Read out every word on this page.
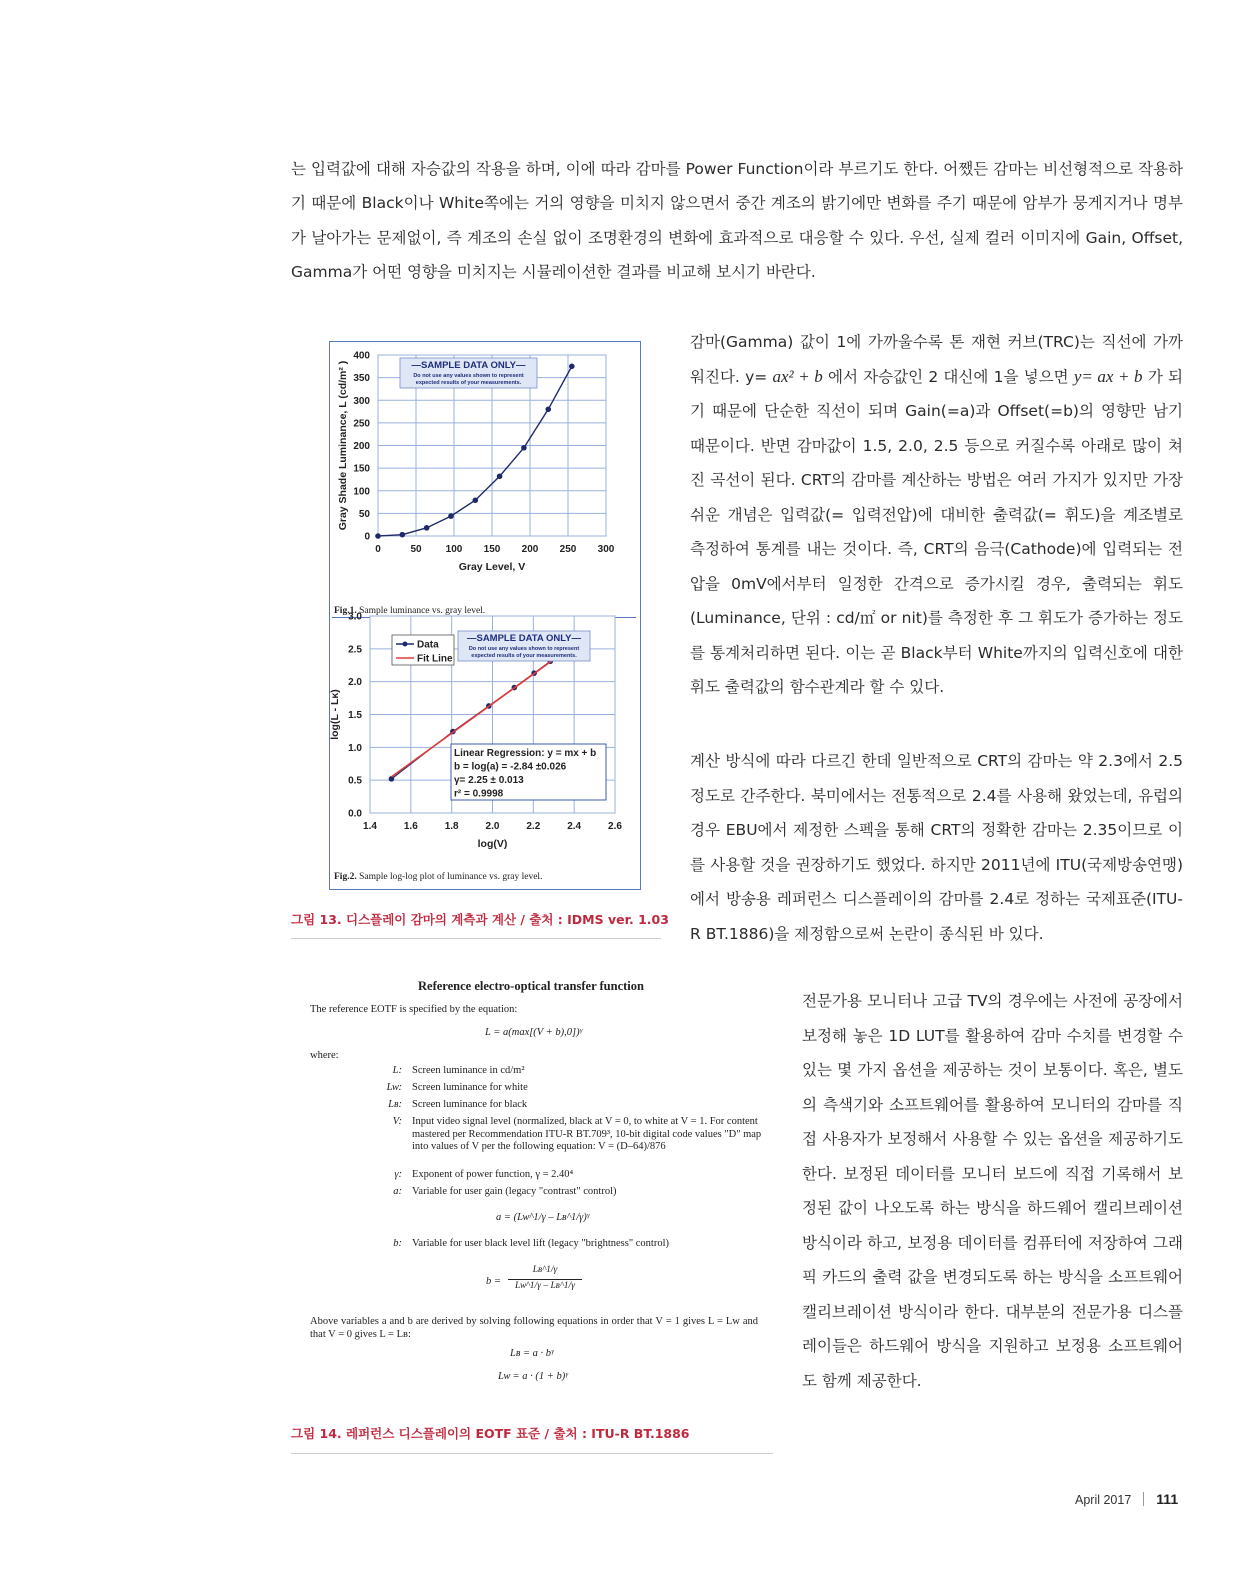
는 입력값에 대해 자승값의 작용을 하며, 이에 따라 감마를 Power Function이라 부르기도 한다. 어쨌든 감마는 비선형적으로 작용하기 때문에 Black이나 White쪽에는 거의 영향을 미치지 않으면서 중간 계조의 밝기에만 변화를 주기 때문에 암부가 뭉게지거나 명부가 날아가는 문제없이, 즉 계조의 손실 없이 조명환경의 변화에 효과적으로 대응할 수 있다. 우선, 실제 컬러 이미지에 Gain, Offset, Gamma가 어떤 영향을 미치지는 시뮬레이션한 결과를 비교해 보시기 바란다.

감마(Gamma) 값이 1에 가까울수록 톤 재현 커브(TRC)는 직선에 가까워진다. y= ax² + b 에서 자승값인 2 대신에 1을 넣으면 y= ax + b 가 되기 때문에 단순한 직선이 되며 Gain(=a)과 Offset(=b)의 영향만 남기 때문이다. 반면 감마값이 1.5, 2.0, 2.5 등으로 커질수록 아래로 많이 쳐진 곡선이 된다. CRT의 감마를 계산하는 방법은 여러 가지가 있지만 가장 쉬운 개념은 입력값(= 입력전압)에 대비한 출력값(= 휘도)을 계조별로 측정하여 통계를 내는 것이다. 즉, CRT의 음극(Cathode)에 입력되는 전압을 0mV에서부터 일정한 간격으로 증가시킬 경우, 출력되는 휘도(Luminance, 단위 : cd/㎡ or nit)를 측정한 후 그 휘도가 증가하는 정도를 통계처리하면 된다. 이는 곧 Black부터 White까지의 입력신호에 대한 휘도 출력값의 함수관계라 할 수 있다.

계산 방식에 따라 다르긴 한데 일반적으로 CRT의 감마는 약 2.3에서 2.5 정도로 간주한다. 북미에서는 전통적으로 2.4를 사용해 왔었는데, 유럽의 경우 EBU에서 제정한 스펙을 통해 CRT의 정확한 감마는 2.35이므로 이를 사용할 것을 권장하기도 했었다. 하지만 2011년에 ITU(국제방송연맹)에서 방송용 레퍼런스 디스플레이의 감마를 2.4로 정하는 국제표준(ITU-R BT.1886)을 제정함으로써 논란이 종식된 바 있다.

전문가용 모니터나 고급 TV의 경우에는 사전에 공장에서 보정해 놓은 1D LUT를 활용하여 감마 수치를 변경할 수 있는 몇 가지 옵션을 제공하는 것이 보통이다. 혹은, 별도의 측색기와 소프트웨어를 활용하여 모니터의 감마를 직접 사용자가 보정해서 사용할 수 있는 옵션을 제공하기도 한다. 보정된 데이터를 모니터 보드에 직접 기록해서 보정된 값이 나오도록 하는 방식을 하드웨어 캘리브레이션 방식이라 하고, 보정용 데이터를 컴퓨터에 저장하여 그래픽 카드의 출력 값을 변경되도록 하는 방식을 소프트웨어 캘리브레이션 방식이라 한다. 대부분의 전문가용 디스플레이들은 하드웨어 방식을 지원하고 보정용 소프트웨어도 함께 제공한다.

0	50 100 150 200 250 300
0
50
100
150
200
250
300
350
400
Gray Level, V
Gray Shade Luminance, L (cd/m² )	—SAMPLE DATA ONLY—
Do not use any values shown to represent
expected results of your measurements.
Fig.1. Sample luminance vs. gray level.
1.4	1.6	1.8	2.0	2.2	2.4	2.6
0.0
0.5
1.0
1.5
2.0
2.5
3.0
log(V)
log(L - Lᴋ)
—SAMPLE DATA ONLY—
Do not use any values shown to represent
expected results of your measurements.
Data
Fit Line
Linear Regression: y = mx + b
b = log(a) = -2.84 ±0.026
γ= 2.25 ± 0.013
r² = 0.9998
Fig.2. Sample log-log plot of luminance vs. gray level.
그림 13. 디스플레이 감마의 계측과 계산 / 출처 : IDMS ver. 1.03
Reference electro-optical transfer function
The reference EOTF is specified by the equation:
L = a(max[(V + b),0])ᵞ
where:
L: Screen luminance in cd/m²
Lᴡ: Screen luminance for white
Lʙ: Screen luminance for black
V: Input video signal level (normalized, black at V = 0, to white at V = 1. For content mastered per Recommendation ITU-R BT.709³, 10-bit digital code values "D" map into values of V per the following equation: V = (D–64)/876
γ: Exponent of power function, γ = 2.40⁴
a: Variable for user gain (legacy "contrast" control)
a = (Lᴡ^1/γ – Lʙ^1/γ)ᵞ
b: Variable for user black level lift (legacy "brightness" control)
b =
Lʙ^1/γ
Lᴡ^1/γ – Lʙ^1/γ
Above variables a and b are derived by solving following equations in order that V = 1 gives L = Lᴡ and that V = 0 gives L = Lʙ:
Lʙ = a · bᵞ
Lᴡ = a · (1 + b)ᵞ
그림 14. 레퍼런스 디스플레이의 EOTF 표준 / 출처 : ITU-R BT.1886
April 2017 111
